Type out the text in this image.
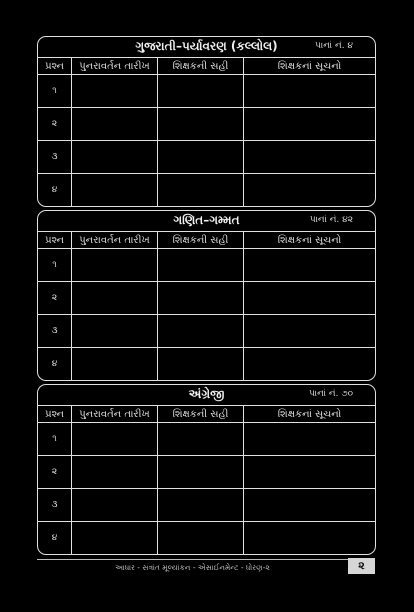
ગુજરાતી–પર્યાવરણ (કલ્લોલ)	પાનાં નં. ૪
પ્રશ્ન	પુનરાવર્તન તારીખ	શિક્ષકની સહી	શિક્ષકનાં સૂચનો
૧			
૨			
૩			
૪			
ગણિત–ગમ્મત	પાનાં નં. ૪૨
પ્રશ્ન	પુનરાવર્તન તારીખ	શિક્ષકની સહી	શિક્ષકનાં સૂચનો
૧			
૨			
૩			
૪			
અંગ્રેજી	પાનાં નં. ૭૦
પ્રશ્ન	પુનરાવર્તન તારીખ	શિક્ષકની સહી	શિક્ષકનાં સૂચનો
૧			
૨			
૩			
૪			
આધાર - સત્રાંત મૂલ્યાંકન - એસાઈનમેન્ટ - ધોરણ-૨	૨
